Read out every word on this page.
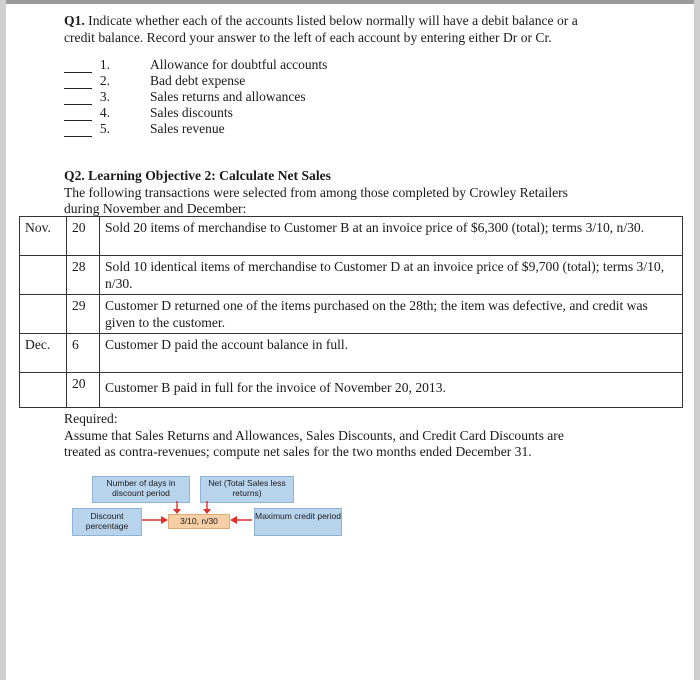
Q1. Indicate whether each of the accounts listed below normally will have a debit balance or a
credit balance. Record your answer to the left of each account by entering either Dr or Cr.
1.	Allowance for doubtful accounts
2.	Bad debt expense
3.	Sales returns and allowances
4.	Sales discounts
5.	Sales revenue
Q2. Learning Objective 2: Calculate Net Sales
The following transactions were selected from among those completed by Crowley Retailers
during November and December:
Nov.	20	Sold 20 items of merchandise to Customer B at an invoice price of $6,300 (total); terms 3/10, n/30.
	28	Sold 10 identical items of merchandise to Customer D at an invoice price of $9,700 (total); terms 3/10, n/30.
	29	Customer D returned one of the items purchased on the 28th; the item was defective, and credit was given to the customer.
Dec.	6	Customer D paid the account balance in full.
	20	Customer B paid in full for the invoice of November 20, 2013.
Required:
Assume that Sales Returns and Allowances, Sales Discounts, and Credit Card Discounts are
treated as contra-revenues; compute net sales for the two months ended December 31.
Number of days in discount period
Net (Total Sales less returns)
Discount percentage	3/10, n/30	Maximum credit period
